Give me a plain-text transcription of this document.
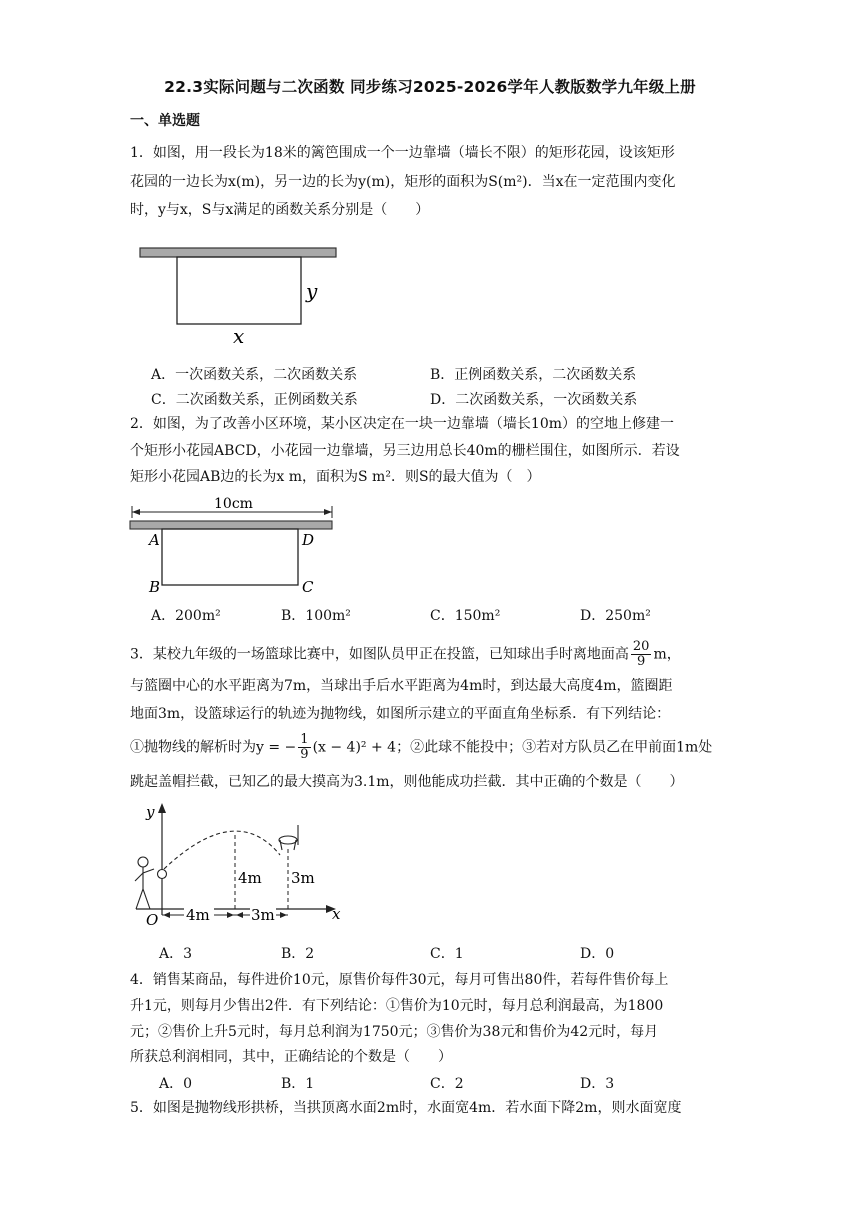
22.3实际问题与二次函数 同步练习2025-2026学年人教版数学九年级上册
一、单选题
1．如图，用一段长为18米的篱笆围成一个一边靠墙（墙长不限）的矩形花园，设该矩形
花园的一边长为x(m)，另一边的长为y(m)，矩形的面积为S(m²)．当x在一定范围内变化
时，y与x，S与x满足的函数关系分别是（　　）
y
x
A．一次函数关系，二次函数关系	B．正例函数关系，二次函数关系
C．二次函数关系，正例函数关系	D．二次函数关系，一次函数关系
2．如图，为了改善小区环境，某小区决定在一块一边靠墙（墙长10m）的空地上修建一
个矩形小花园ABCD，小花园一边靠墙，另三边用总长40m的栅栏围住，如图所示．若设
矩形小花园AB边的长为x m，面积为S m²．则S的最大值为（　）
10cm
A
B	C
D
A．200m²	B．100m²	C．150m²	D．250m²
3．某校九年级的一场篮球比赛中，如图队员甲正在投篮，已知球出手时离地面高 $\frac{20}{9}$ m，
与篮圈中心的水平距离为7m，当球出手后水平距离为4m时，到达最大高度4m，篮圈距
地面3m，设篮球运行的轨迹为抛物线，如图所示建立的平面直角坐标系．有下列结论：
①抛物线的解析时为y = − $\frac{1}{9} (x - 4)^2 + 4$；②此球不能投中；③若对方队员乙在甲前面1m处
跳起盖帽拦截，已知乙的最大摸高为3.1m，则他能成功拦截．其中正确的个数是（　　）
y
x
O
4m 3m
4m	3m
A．3	B．2	C．1	D．0
4．销售某商品，每件进价10元，原售价每件30元，每月可售出80件，若每件售价每上
升1元，则每月少售出2件．有下列结论：①售价为10元时，每月总利润最高，为1800
元；②售价上升5元时，每月总利润为1750元；③售价为38元和售价为42元时，每月
所获总利润相同，其中，正确结论的个数是（　　）
A．0	B．1	C．2	D．3
5．如图是抛物线形拱桥，当拱顶离水面2m时，水面宽4m．若水面下降2m，则水面宽度
